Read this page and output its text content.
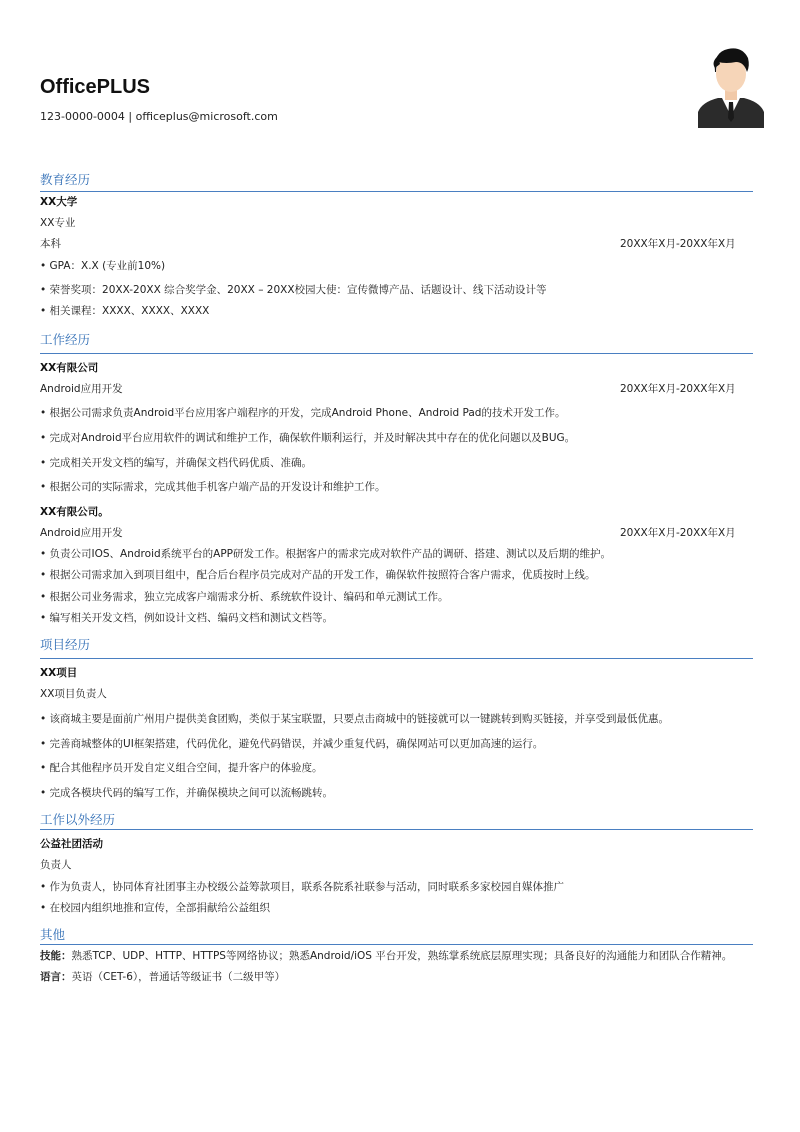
OfficePLUS
123-0000-0004 | officeplus@microsoft.com
教育经历
XX大学
XX专业
本科	20XX年X月-20XX年X月
• GPA：X.X (专业前10%)
• 荣誉奖项：20XX-20XX 综合奖学金、20XX – 20XX校园大使：宣传微博产品、话题设计、线下活动设计等
• 相关课程：XXXX、XXXX、XXXX
工作经历
XX有限公司
Android应用开发	20XX年X月-20XX年X月
• 根据公司需求负责Android平台应用客户端程序的开发，完成Android Phone、Android Pad的技术开发工作。
• 完成对Android平台应用软件的调试和维护工作，确保软件顺利运行，并及时解决其中存在的优化问题以及BUG。
• 完成相关开发文档的编写，并确保文档代码优质、准确。
• 根据公司的实际需求，完成其他手机客户端产品的开发设计和维护工作。
XX有限公司。
Android应用开发	20XX年X月-20XX年X月
• 负责公司IOS、Android系统平台的APP研发工作。根据客户的需求完成对软件产品的调研、搭建、测试以及后期的维护。
• 根据公司需求加入到项目组中，配合后台程序员完成对产品的开发工作，确保软件按照符合客户需求，优质按时上线。
• 根据公司业务需求，独立完成客户端需求分析、系统软件设计、编码和单元测试工作。
• 编写相关开发文档，例如设计文档、编码文档和测试文档等。
项目经历
XX项目
XX项目负责人
• 该商城主要是面前广州用户提供美食团购，类似于某宝联盟，只要点击商城中的链接就可以一键跳转到购买链接，并享受到最低优惠。
• 完善商城整体的UI框架搭建，代码优化，避免代码错误，并减少重复代码，确保网站可以更加高速的运行。
• 配合其他程序员开发自定义组合空间，提升客户的体验度。
• 完成各模块代码的编写工作，并确保模块之间可以流畅跳转。
工作以外经历
公益社团活动
负责人
• 作为负责人，协同体育社团事主办校级公益筹款项目，联系各院系社联参与活动，同时联系多家校园自媒体推广
• 在校园内组织地推和宣传，全部捐献给公益组织
其他
技能：熟悉TCP、UDP、HTTP、HTTPS等网络协议；熟悉Android/iOS 平台开发，熟练掌系统底层原理实现；具备良好的沟通能力和团队合作精神。
语言：英语（CET-6），普通话等级证书（二级甲等）
